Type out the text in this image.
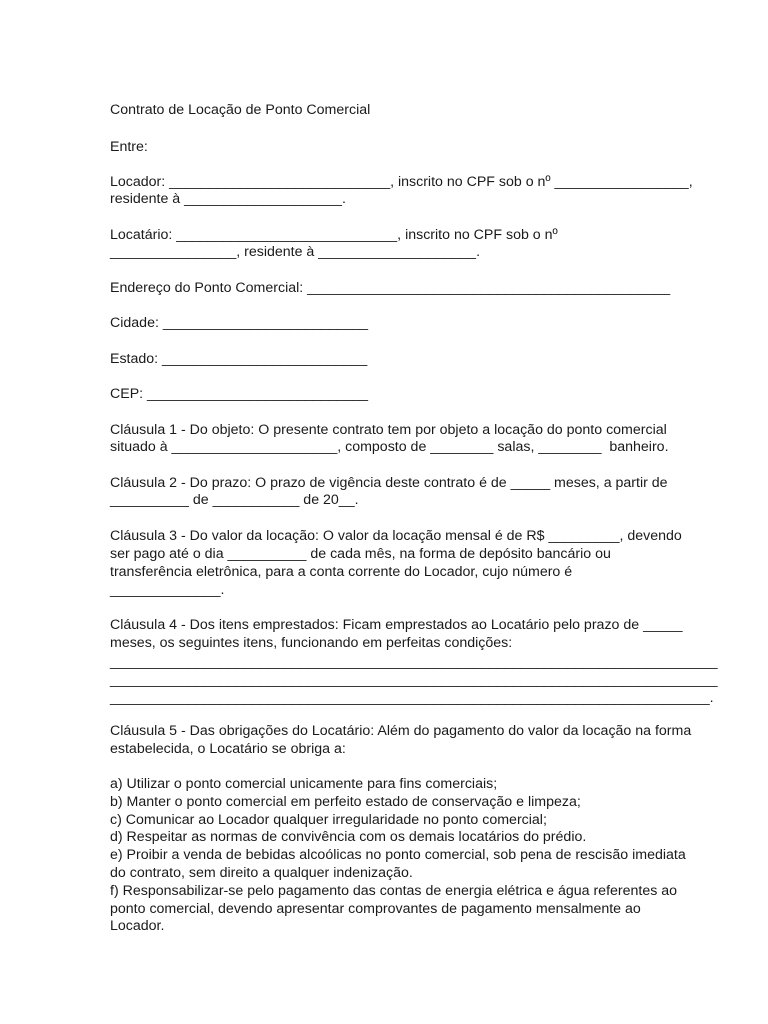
Contrato de Locação de Ponto Comercial
Entre:
Locador: ____________________________, inscrito no CPF sob o nº _________________,
residente à ____________________.
Locatário: ____________________________, inscrito no CPF sob o nº
________________, residente à ____________________.
Endereço do Ponto Comercial: ______________________________________________
Cidade: __________________________
Estado: __________________________
CEP: ____________________________
Cláusula 1 - Do objeto: O presente contrato tem por objeto a locação do ponto comercial
situado à _____________________, composto de ________ salas, ________  banheiro.
Cláusula 2 - Do prazo: O prazo de vigência deste contrato é de _____ meses, a partir de
__________ de ___________ de 20__.
Cláusula 3 - Do valor da locação: O valor da locação mensal é de R$ _________, devendo
ser pago até o dia __________ de cada mês, na forma de depósito bancário ou
transferência eletrônica, para a conta corrente do Locador, cujo número é
______________.
Cláusula 4 - Dos itens emprestados: Ficam emprestados ao Locatário pelo prazo de _____
meses, os seguintes itens, funcionando em perfeitas condições:
_____________________________________________________________________________
_____________________________________________________________________________
____________________________________________________________________________.
Cláusula 5 - Das obrigações do Locatário: Além do pagamento do valor da locação na forma
estabelecida, o Locatário se obriga a:
a) Utilizar o ponto comercial unicamente para fins comerciais;
b) Manter o ponto comercial em perfeito estado de conservação e limpeza;
c) Comunicar ao Locador qualquer irregularidade no ponto comercial;
d) Respeitar as normas de convivência com os demais locatários do prédio.
e) Proibir a venda de bebidas alcoólicas no ponto comercial, sob pena de rescisão imediata
do contrato, sem direito a qualquer indenização.
f) Responsabilizar-se pelo pagamento das contas de energia elétrica e água referentes ao
ponto comercial, devendo apresentar comprovantes de pagamento mensalmente ao
Locador.
